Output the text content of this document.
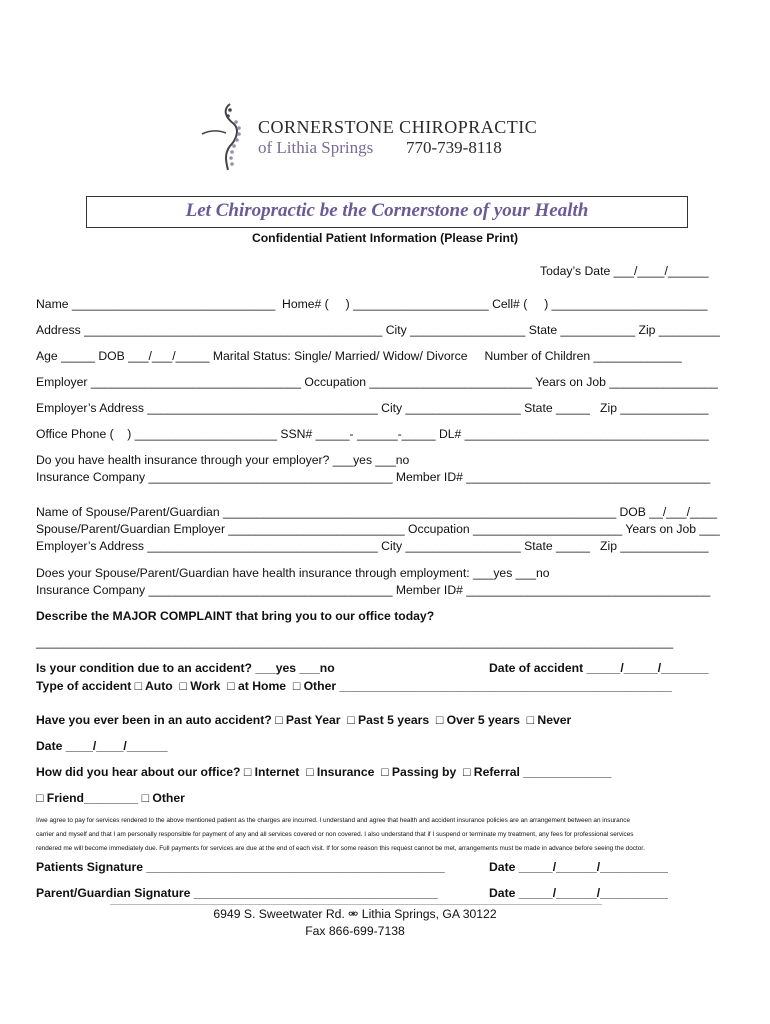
CORNERSTONE CHIROPRACTIC
of Lithia Springs 770-739-8118
Let Chiropractic be the Cornerstone of your Health
Confidential Patient Information (Please Print)
Today’s Date ___/____/______
Name ______________________________  Home# (     ) ____________________ Cell# (     ) _______________________
Address ____________________________________________ City _________________ State ___________ Zip _________
Age _____ DOB ___/___/_____ Marital Status: Single/ Married/ Widow/ Divorce     Number of Children _____________
Employer _______________________________ Occupation ________________________ Years on Job ________________
Employer’s Address __________________________________ City _________________ State _____   Zip _____________
Office Phone (    ) _____________________ SSN# _____- ______-_____ DL# ____________________________________
Do you have health insurance through your employer? ___yes ___no
Insurance Company ____________________________________ Member ID# ____________________________________
Name of Spouse/Parent/Guardian __________________________________________________________ DOB __/___/____
Spouse/Parent/Guardian Employer __________________________ Occupation ______________________ Years on Job ___
Employer’s Address __________________________________ City _________________ State _____   Zip _____________
Does your Spouse/Parent/Guardian have health insurance through employment: ___yes ___no
Insurance Company ____________________________________ Member ID# ____________________________________
Describe the MAJOR COMPLAINT that bring you to our office today?
______________________________________________________________________________________________
Is your condition due to an accident? ___yes ___no	Date of accident _____/_____/_______
Type of accident □ Auto  □ Work  □ at Home  □ Other _________________________________________________
Have you ever been in an auto accident? □ Past Year  □ Past 5 years  □ Over 5 years  □ Never
Date ____/____/______
How did you hear about our office? □ Internet  □ Insurance  □ Passing by  □ Referral _____________
□ Friend________ □ Other
I/we agree to pay for services rendered to the above mentioned patient as the charges are incurred. I understand and agree that health and accident insurance policies are an arrangement between an insurance
carrier and myself and that I am personally responsible for payment of any and all services covered or non covered. I also understand that if I suspend or terminate my treatment, any fees for professional services
rendered me will become immediately due. Full payments for services are due at the end of each visit. If for some reason this request cannot be met, arrangements must be made in advance before seeing the doctor.
Patients Signature ____________________________________________	Date _____/______/__________
Parent/Guardian Signature ____________________________________	Date _____/______/__________
6949 S. Sweetwater Rd. ⚮ Lithia Springs, GA 30122
Fax 866-699-7138
